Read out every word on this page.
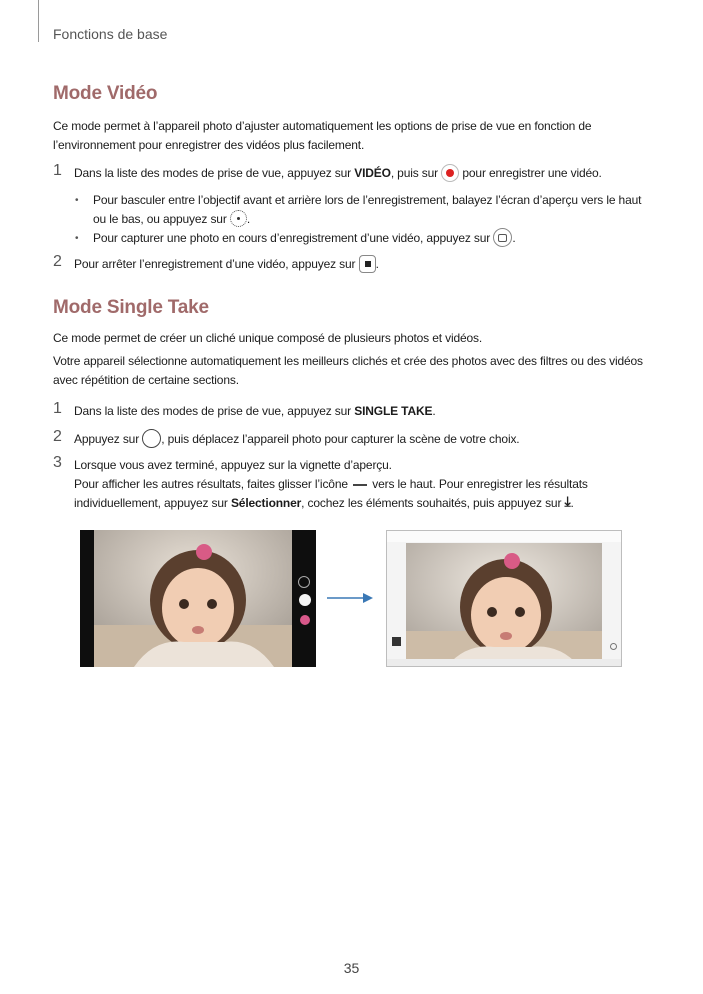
Fonctions de base
Mode Vidéo
Ce mode permet à l’appareil photo d’ajuster automatiquement les options de prise de vue en fonction de l’environnement pour enregistrer des vidéos plus facilement.
1 Dans la liste des modes de prise de vue, appuyez sur VIDÉO, puis sur  pour enregistrer une vidéo.
• Pour basculer entre l’objectif avant et arrière lors de l’enregistrement, balayez l’écran d’aperçu vers le haut ou le bas, ou appuyez sur .
• Pour capturer une photo en cours d’enregistrement d’une vidéo, appuyez sur .
2 Pour arrêter l’enregistrement d’une vidéo, appuyez sur .
Mode Single Take
Ce mode permet de créer un cliché unique composé de plusieurs photos et vidéos.
Votre appareil sélectionne automatiquement les meilleurs clichés et crée des photos avec des filtres ou des vidéos avec répétition de certaine sections.
1 Dans la liste des modes de prise de vue, appuyez sur SINGLE TAKE.
2 Appuyez sur , puis déplacez l’appareil photo pour capturer la scène de votre choix.
3 Lorsque vous avez terminé, appuyez sur la vignette d’aperçu.
Pour afficher les autres résultats, faites glisser l’icône  vers le haut. Pour enregistrer les résultats individuellement, appuyez sur Sélectionner, cochez les éléments souhaités, puis appuyez sur ⤓.
35
